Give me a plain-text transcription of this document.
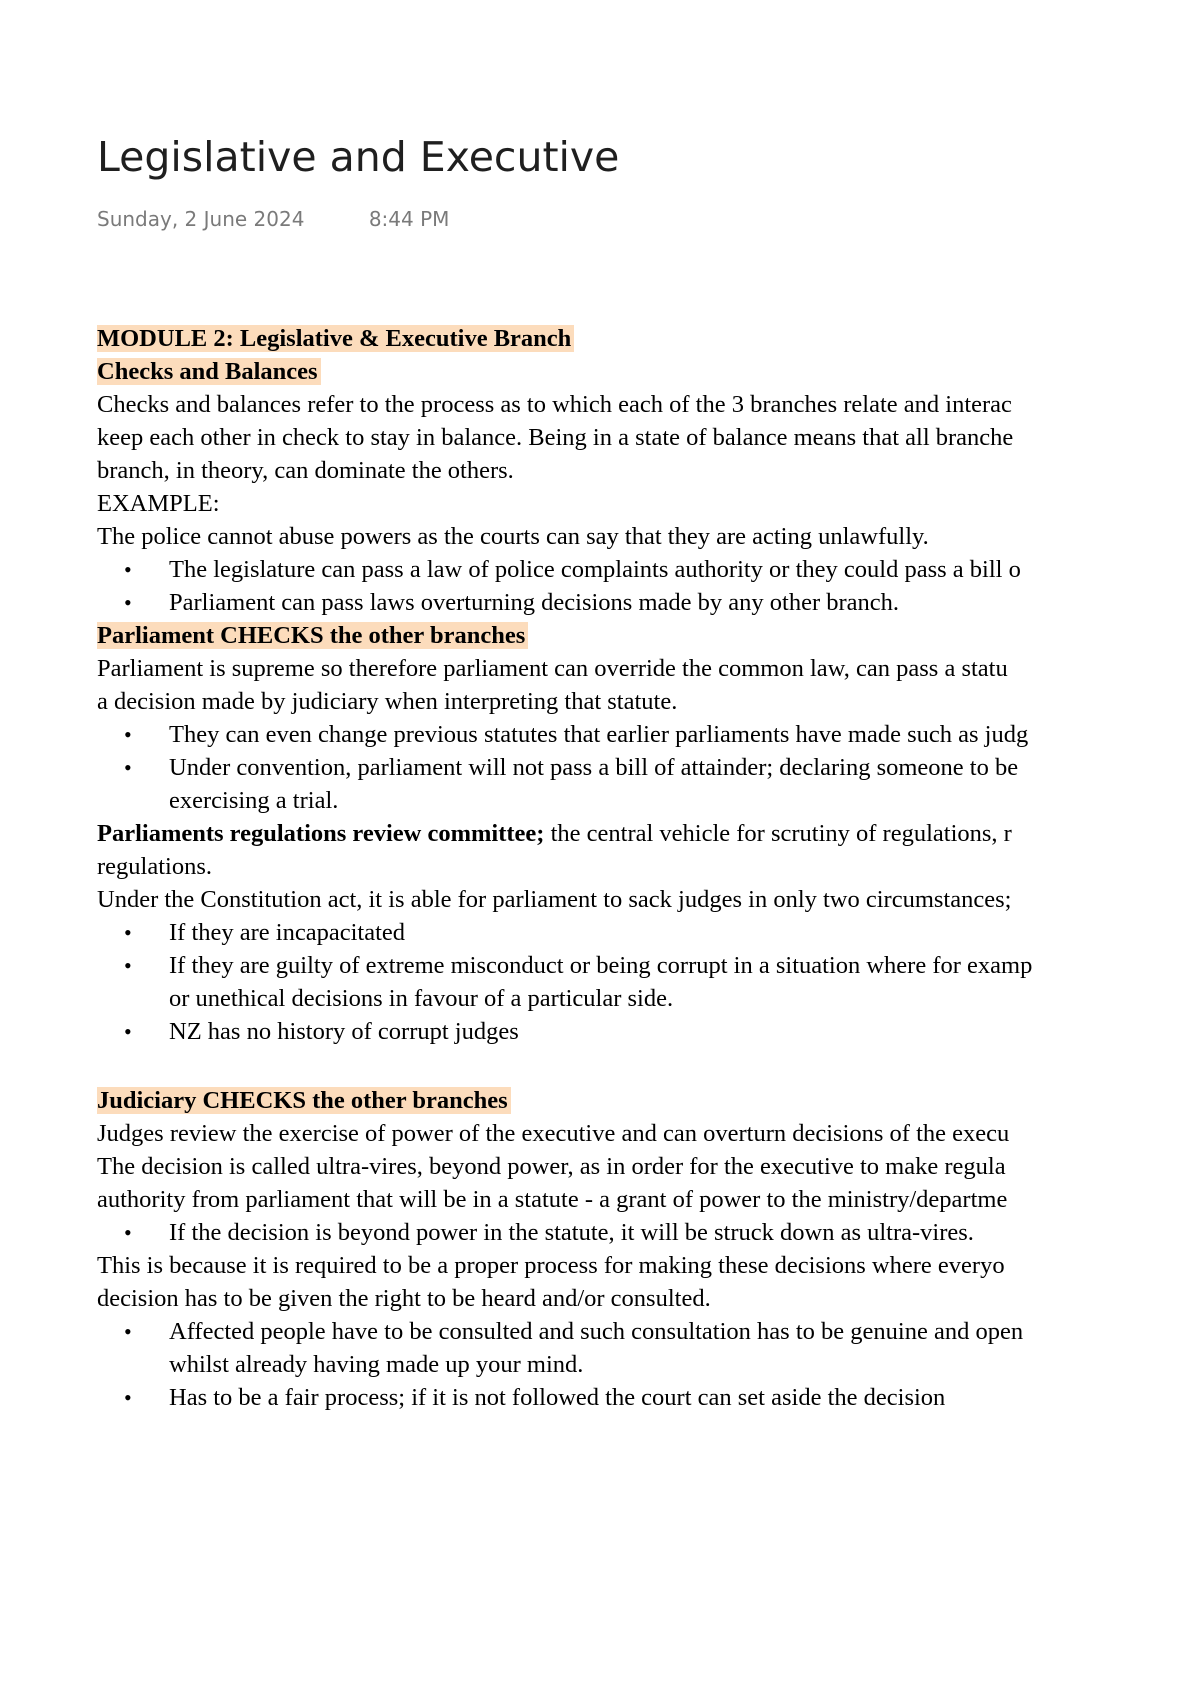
Legislative and Executive
Sunday, 2 June 2024	8:44 PM
MODULE 2: Legislative & Executive Branch
Checks and Balances
Checks and balances refer to the process as to which each of the 3 branches relate and interac
keep each other in check to stay in balance. Being in a state of balance means that all branche
branch, in theory, can dominate the others.
EXAMPLE:
The police cannot abuse powers as the courts can say that they are acting unlawfully.
• The legislature can pass a law of police complaints authority or they could pass a bill o
• Parliament can pass laws overturning decisions made by any other branch.
Parliament CHECKS the other branches
Parliament is supreme so therefore parliament can override the common law, can pass a statu
a decision made by judiciary when interpreting that statute.
• They can even change previous statutes that earlier parliaments have made such as judg
• Under convention, parliament will not pass a bill of attainder; declaring someone to be
exercising a trial.
Parliaments regulations review committee; the central vehicle for scrutiny of regulations, r
regulations.
Under the Constitution act, it is able for parliament to sack judges in only two circumstances;
• If they are incapacitated
• If they are guilty of extreme misconduct or being corrupt in a situation where for examp
or unethical decisions in favour of a particular side.
• NZ has no history of corrupt judges
Judiciary CHECKS the other branches
Judges review the exercise of power of the executive and can overturn decisions of the execu
The decision is called ultra-vires, beyond power, as in order for the executive to make regula
authority from parliament that will be in a statute - a grant of power to the ministry/departme
• If the decision is beyond power in the statute, it will be struck down as ultra-vires.
This is because it is required to be a proper process for making these decisions where everyo
decision has to be given the right to be heard and/or consulted.
• Affected people have to be consulted and such consultation has to be genuine and open
whilst already having made up your mind.
• Has to be a fair process; if it is not followed the court can set aside the decision
